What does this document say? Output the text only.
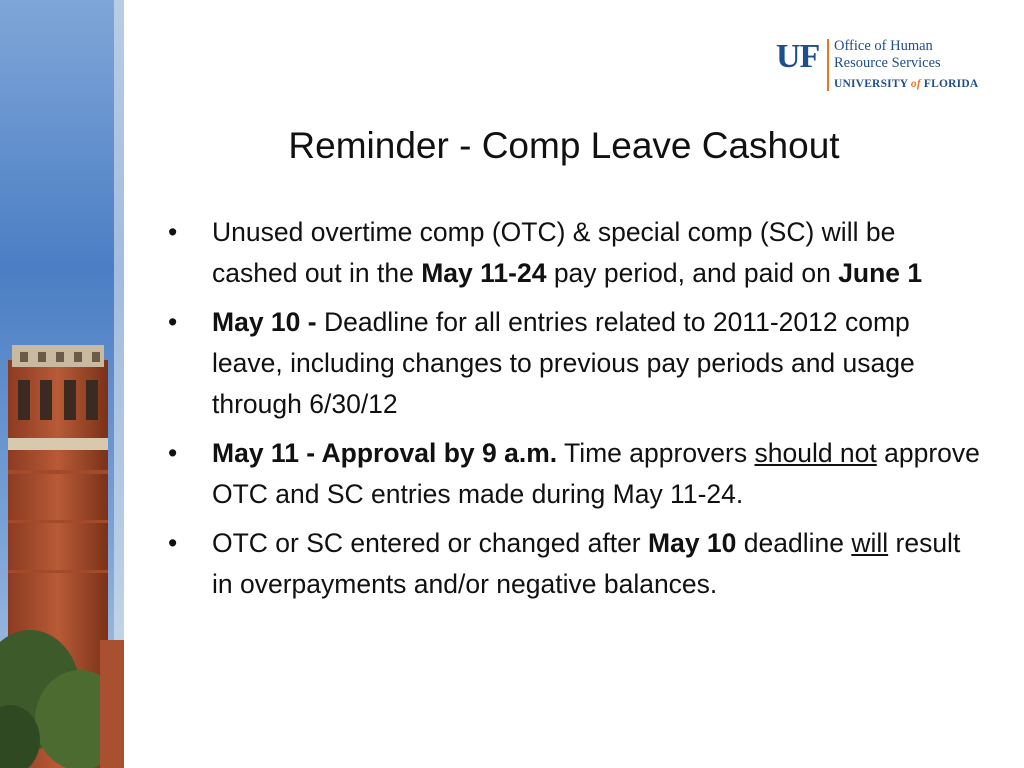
UF	Office of Human
Resource Services
UNIVERSITY of FLORIDA
Reminder - Comp Leave Cashout
• Unused overtime comp (OTC) & special comp (SC) will be cashed out in the May 11-24 pay period, and paid on June 1
• May 10 - Deadline for all entries related to 2011-2012 comp leave, including changes to previous pay periods and usage through 6/30/12
• May 11 - Approval by 9 a.m. Time approvers should not approve OTC and SC entries made during May 11-24.
• OTC or SC entered or changed after May 10 deadline will result in overpayments and/or negative balances.
